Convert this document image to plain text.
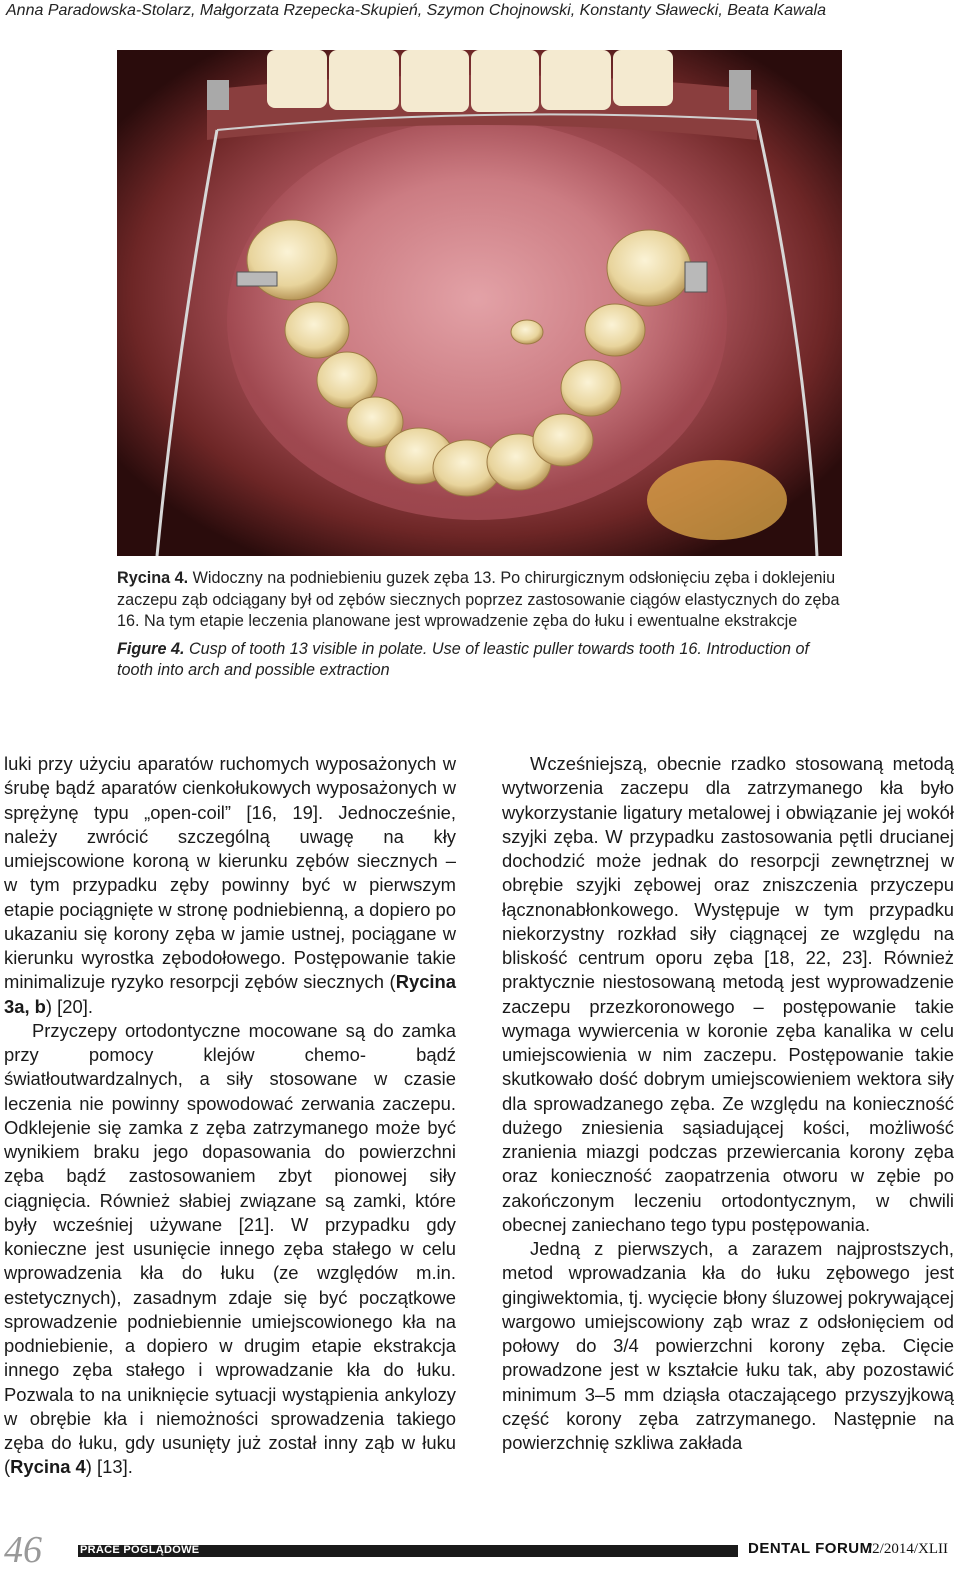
Anna Paradowska-Stolarz, Małgorzata Rzepecka-Skupień, Szymon Chojnowski, Konstanty Sławecki, Beata Kawala

Rycina 4. Widoczny na podniebieniu guzek zęba 13. Po chirurgicznym odsłonięciu zęba i doklejeniu zaczepu ząb odciągany był od zębów siecznych poprzez zastosowanie ciągów elastycznych do zęba 16. Na tym etapie leczenia planowane jest wprowadzenie zęba do łuku i ewentualne ekstrakcje

Figure 4. Cusp of tooth 13 visible in polate. Use of leastic puller towards tooth 16. Introduction of tooth into arch and possible extraction

luki przy użyciu aparatów ruchomych wyposażonych w śrubę bądź aparatów cienkołukowych wyposażonych w sprężynę typu „open-coil” [16, 19]. Jednocześnie, należy zwrócić szczególną uwagę na kły umiejscowione koroną w kierunku zębów siecznych – w tym przypadku zęby powinny być w pierwszym etapie pociągnięte w stronę podniebienną, a dopiero po ukazaniu się korony zęba w jamie ustnej, pociągane w kierunku wyrostka zębodołowego. Postępowanie takie minimalizuje ryzyko resorpcji zębów siecznych (Rycina 3a, b) [20].

Przyczepy ortodontyczne mocowane są do zamka przy pomocy klejów chemo- bądź światłoutwardzalnych, a siły stosowane w czasie leczenia nie powinny spowodować zerwania zaczepu. Odklejenie się zamka z zęba zatrzymanego może być wynikiem braku jego dopasowania do powierzchni zęba bądź zastosowaniem zbyt pionowej siły ciągnięcia. Również słabiej związane są zamki, które były wcześniej używane [21]. W przypadku gdy konieczne jest usunięcie innego zęba stałego w celu wprowadzenia kła do łuku (ze względów m.in. estetycznych), zasadnym zdaje się być początkowe sprowadzenie podniebiennie umiejscowionego kła na podniebienie, a dopiero w drugim etapie ekstrakcja innego zęba stałego i wprowadzanie kła do łuku. Pozwala to na uniknięcie sytuacji wystąpienia ankylozy w obrębie kła i niemożności sprowadzenia takiego zęba do łuku, gdy usunięty już został inny ząb w łuku (Rycina 4) [13].

Wcześniejszą, obecnie rzadko stosowaną metodą wytworzenia zaczepu dla zatrzymanego kła było wykorzystanie ligatury metalowej i obwiązanie jej wokół szyjki zęba. W przypadku zastosowania pętli drucianej dochodzić może jednak do resorpcji zewnętrznej w obrębie szyjki zębowej oraz zniszczenia przyczepu łącznonabłonkowego. Występuje w tym przypadku niekorzystny rozkład siły ciągnącej ze względu na bliskość centrum oporu zęba [18, 22, 23]. Również praktycznie niestosowaną metodą jest wyprowadzenie zaczepu przezkoronowego – postępowanie takie wymaga wywiercenia w koronie zęba kanalika w celu umiejscowienia w nim zaczepu. Postępowanie takie skutkowało dość dobrym umiejscowieniem wektora siły dla sprowadzanego zęba. Ze względu na konieczność dużego zniesienia sąsiadującej kości, możliwość zranienia miazgi podczas przewiercania korony zęba oraz konieczność zaopatrzenia otworu w zębie po zakończonym leczeniu ortodontycznym, w chwili obecnej zaniechano tego typu postępowania.

Jedną z pierwszych, a zarazem najprostszych, metod wprowadzania kła do łuku zębowego jest gingiwektomia, tj. wycięcie błony śluzowej pokrywającej wargowo umiejscowiony ząb wraz z odsłonięciem od połowy do 3/4 powierzchni korony zęba. Cięcie prowadzone jest w kształcie łuku tak, aby pozostawić minimum 3–5 mm dziąsła otaczającego przyszyjkową część korony zęba zatrzymanego. Następnie na powierzchnię szkliwa zakłada

46	PRACE POGLĄDOWE	DENTAL FORUM
/2/2014/XLII
